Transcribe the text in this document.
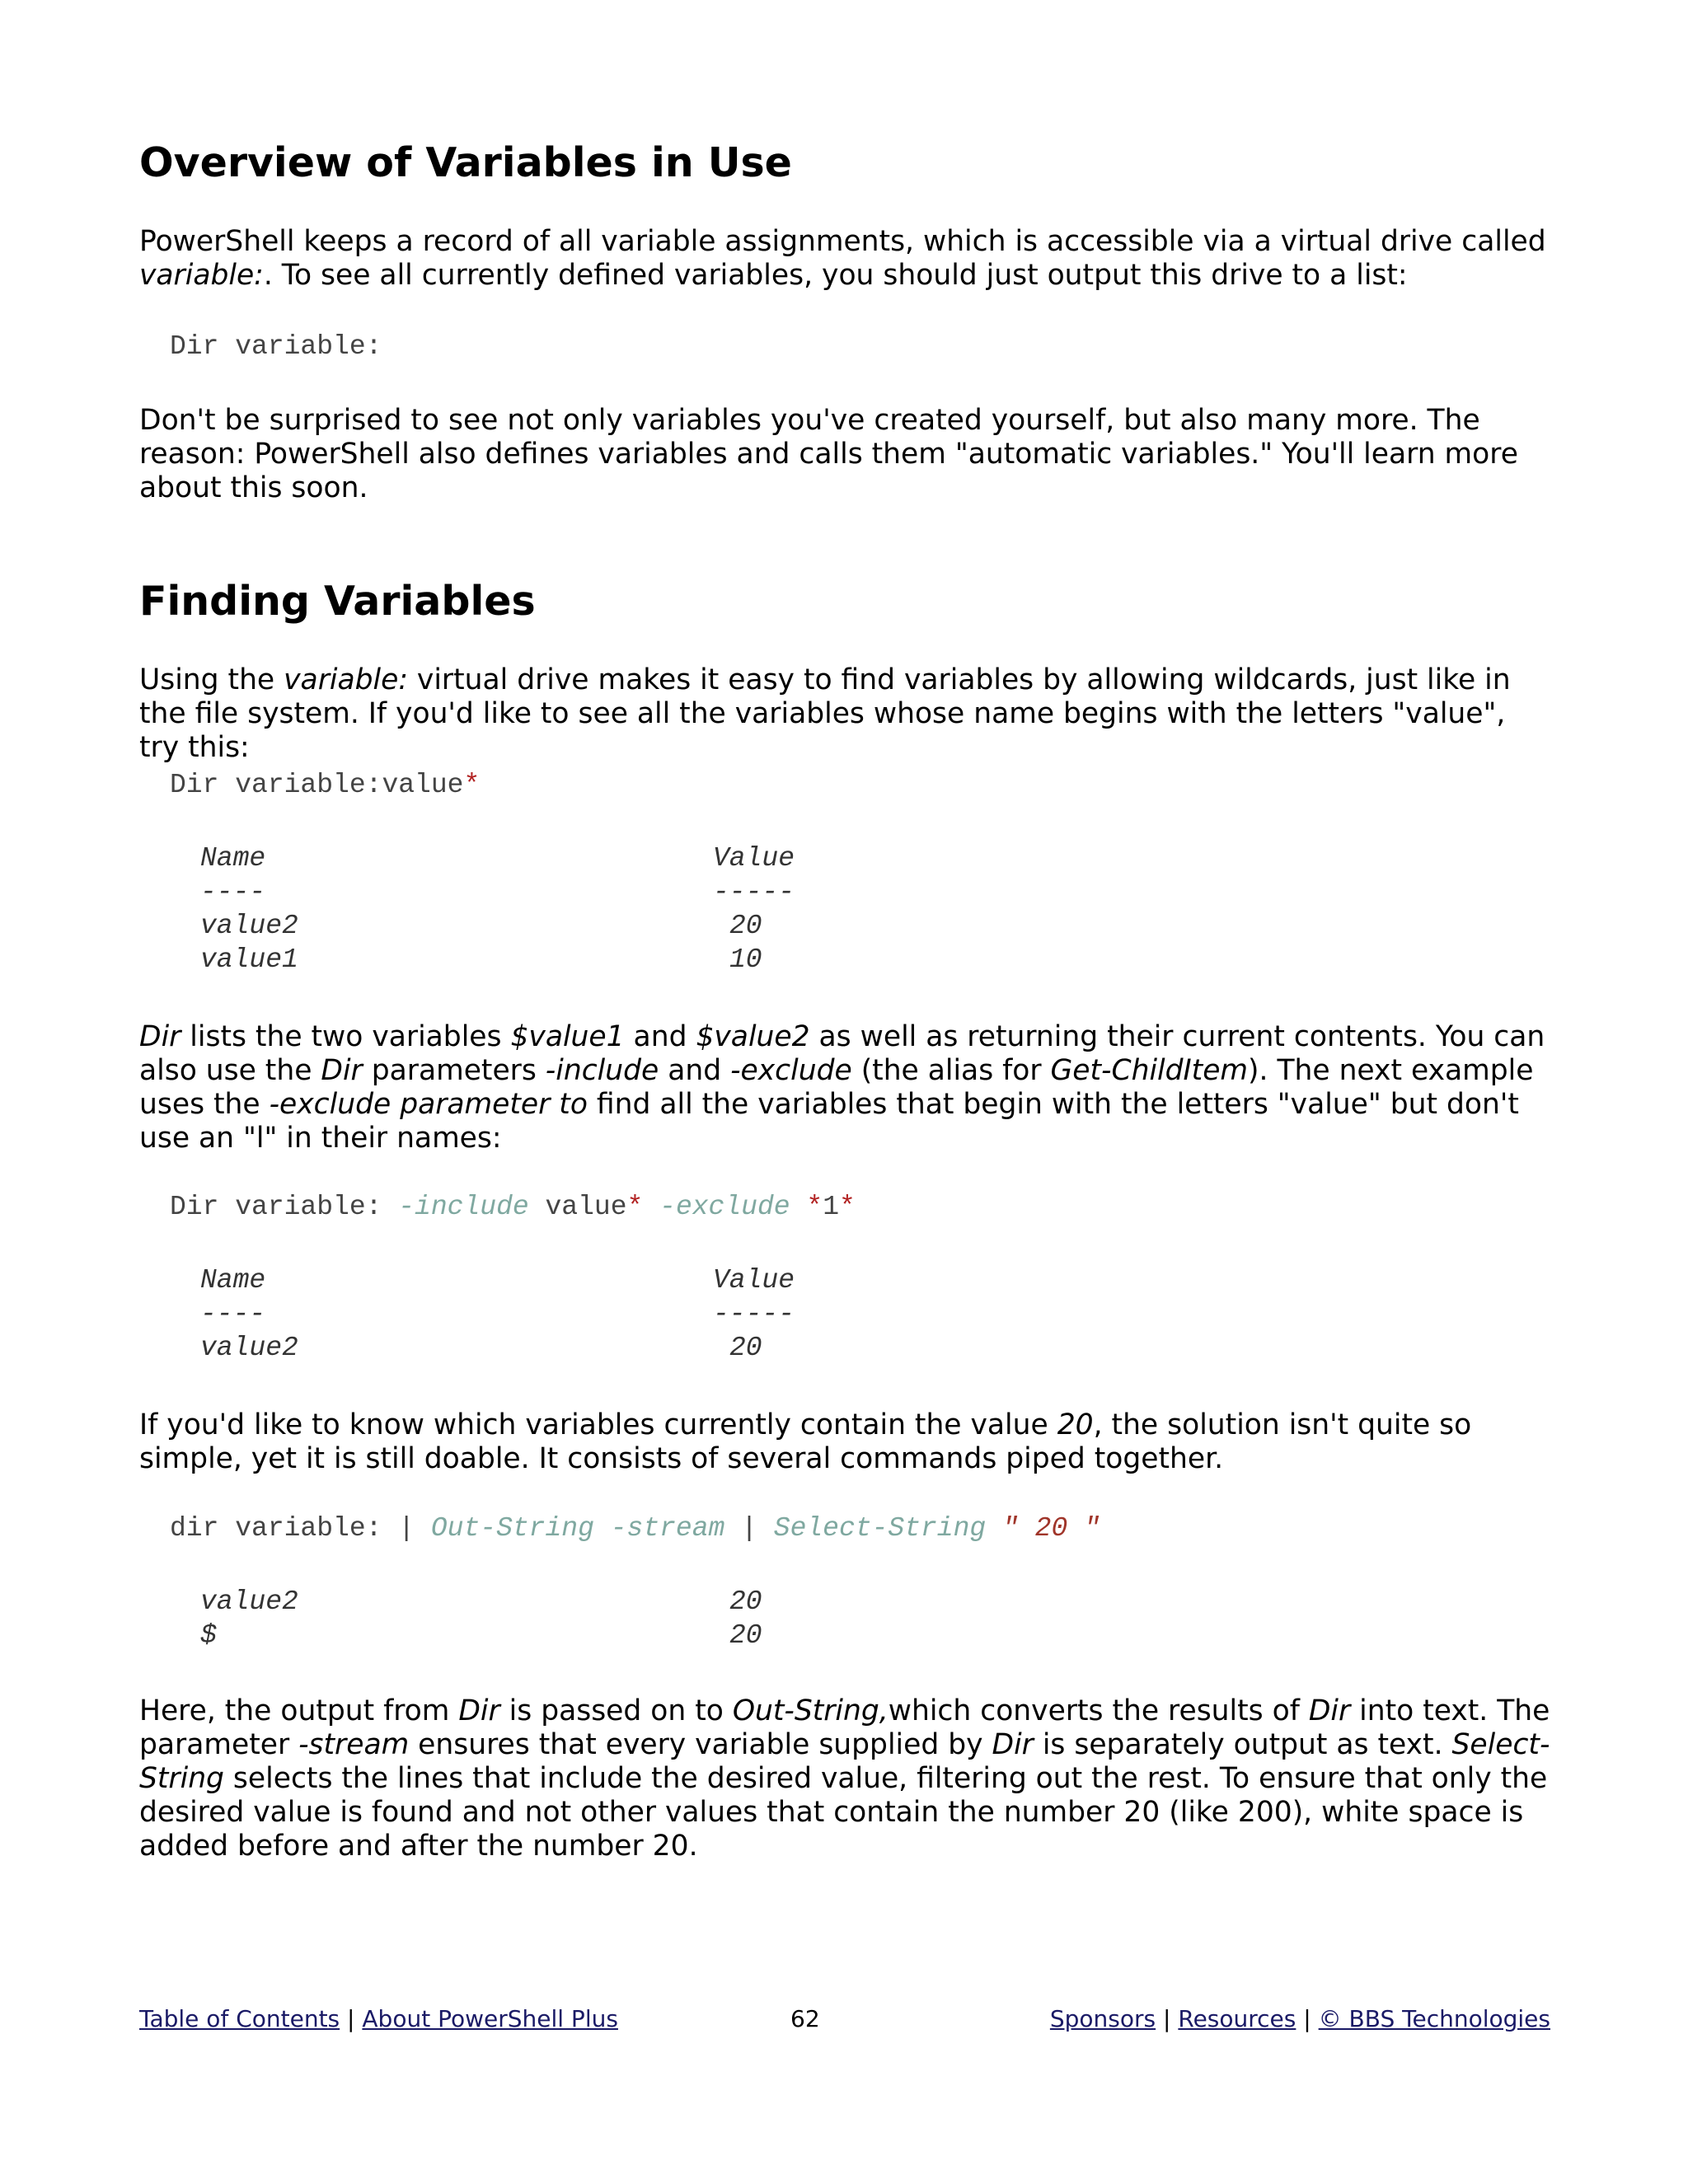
Overview of Variables in Use

PowerShell keeps a record of all variable assignments, which is accessible via a virtual drive called variable:. To see all currently defined variables, you should just output this drive to a list:

Dir variable:

Don't be surprised to see not only variables you've created yourself, but also many more. The reason: PowerShell also defines variables and calls them "automatic variables." You'll learn more about this soon.

Finding Variables

Using the variable: virtual drive makes it easy to find variables by allowing wildcards, just like in the file system. If you'd like to see all the variables whose name begins with the letters "value", try this:

Dir variable:value*
Name	Value
----	-----
value2	20
value1	10

Dir lists the two variables $value1 and $value2 as well as returning their current contents. You can also use the Dir parameters -include and -exclude (the alias for Get-ChildItem). The next example uses the -exclude parameter to find all the variables that begin with the letters "value" but don't use an "l" in their names:

Dir variable: -include value* -exclude *1*
Name	Value
----	-----
value2	20

If you'd like to know which variables currently contain the value 20, the solution isn't quite so simple, yet it is still doable. It consists of several commands piped together.

dir variable: | Out-String -stream | Select-String " 20 "
value2	20
$	20

Here, the output from Dir is passed on to Out-String,which converts the results of Dir into text. The parameter -stream ensures that every variable supplied by Dir is separately output as text. Select-String selects the lines that include the desired value, filtering out the rest. To ensure that only the desired value is found and not other values that contain the number 20 (like 200), white space is added before and after the number 20.

Table of Contents | About PowerShell Plus	62	Sponsors | Resources | © BBS Technologies
